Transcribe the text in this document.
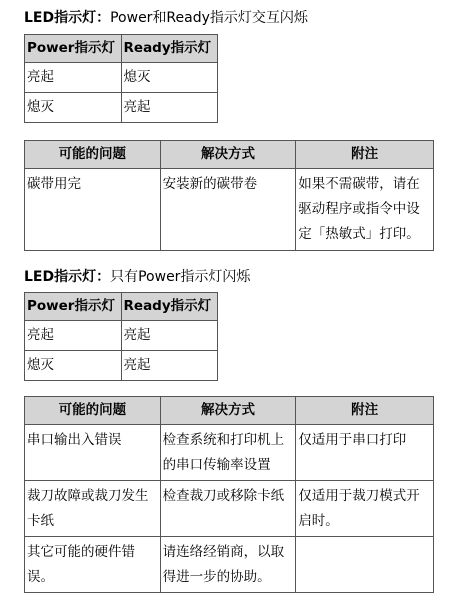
LED指示灯：Power和Ready指示灯交互闪烁
Power指示灯	Ready指示灯
亮起	熄灭
熄灭	亮起
可能的问题	解决方式	附注
碳带用完	安装新的碳带卷	如果不需碳带，请在驱动程序或指令中设定「热敏式」打印。
LED指示灯：只有Power指示灯闪烁
Power指示灯	Ready指示灯
亮起	亮起
熄灭	亮起
可能的问题	解决方式	附注
串口输出入错误	检查系统和打印机上的串口传输率设置	仅适用于串口打印
裁刀故障或裁刀发生卡纸	检查裁刀或移除卡纸	仅适用于裁刀模式开启时。
其它可能的硬件错误。	请连络经销商，以取得进一步的协助。	
